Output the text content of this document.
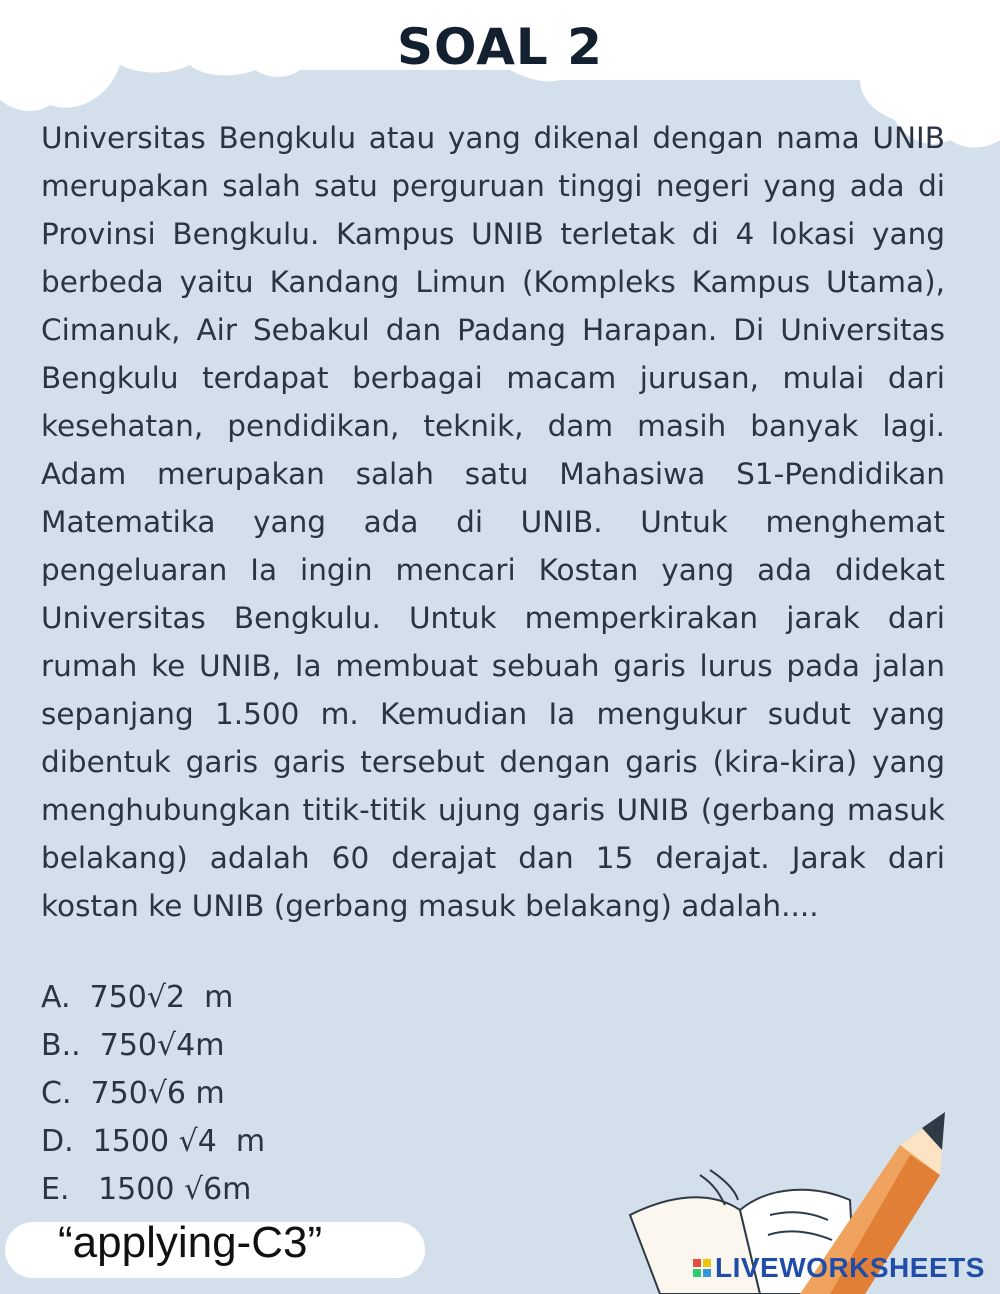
SOAL 2
Universitas Bengkulu atau yang dikenal dengan nama UNIB merupakan salah satu perguruan tinggi negeri yang ada di Provinsi Bengkulu. Kampus UNIB terletak di 4 lokasi yang berbeda yaitu Kandang Limun (Kompleks Kampus Utama), Cimanuk, Air Sebakul dan Padang Harapan. Di Universitas Bengkulu terdapat berbagai macam jurusan, mulai dari kesehatan, pendidikan, teknik, dam masih banyak lagi. Adam merupakan salah satu Mahasiwa S1-Pendidikan Matematika yang ada di UNIB. Untuk menghemat pengeluaran Ia ingin mencari Kostan yang ada didekat Universitas Bengkulu. Untuk memperkirakan jarak dari rumah ke UNIB, Ia membuat sebuah garis lurus pada jalan sepanjang 1.500 m. Kemudian Ia mengukur sudut yang dibentuk garis garis tersebut dengan garis (kira-kira) yang menghubungkan titik-titik ujung garis UNIB (gerbang masuk belakang) adalah 60 derajat dan 15 derajat. Jarak dari kostan ke UNIB (gerbang masuk belakang) adalah....
A.  750√2  m
B..  750√4m
C.  750√6 m
D.  1500 √4  m
E.   1500 √6m
“applying-C3”
LIVEWORKSHEETS
